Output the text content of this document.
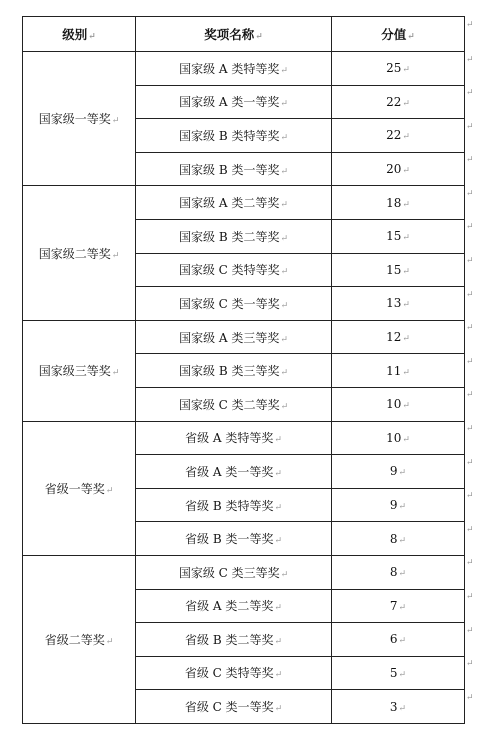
级别↵	奖项名称↵	分值↵
国家级一等奖↵	国家级 A 类特等奖↵	25↵
	国家级 A 类一等奖↵	22↵
	国家级 B 类特等奖↵	22↵
	国家级 B 类一等奖↵	20↵
国家级二等奖↵	国家级 A 类二等奖↵	18↵
	国家级 B 类二等奖↵	15↵
	国家级 C 类特等奖↵	15↵
	国家级 C 类一等奖↵	13↵
国家级三等奖↵	国家级 A 类三等奖↵	12↵
	国家级 B 类三等奖↵	11↵
	国家级 C 类二等奖↵	10↵
省级一等奖↵	省级 A 类特等奖↵	10↵
	省级 A 类一等奖↵	9↵
	省级 B 类特等奖↵	9↵
	省级 B 类一等奖↵	8↵
省级二等奖↵	国家级 C 类三等奖↵	8↵
	省级 A 类二等奖↵	7↵
	省级 B 类二等奖↵	6↵
	省级 C 类特等奖↵	5↵
	省级 C 类一等奖↵	3↵
↵
↵
↵
↵
↵
↵
↵
↵
↵
↵
↵
↵
↵
↵
↵
↵
↵
↵
↵
↵
↵
